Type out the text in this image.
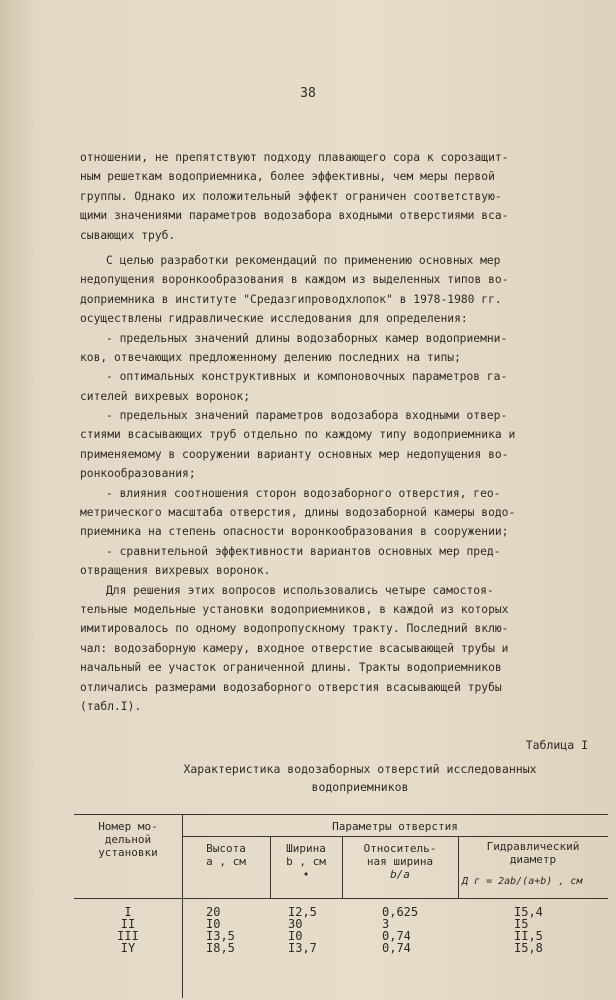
38
отношении, не препятствуют подходу плавающего сора к сорозащит-
ным решеткам водоприемника, более эффективны, чем меры первой
группы. Однако их положительный эффект ограничен соответствую-
щими значениями параметров водозабора входными отверстиями вса-
сывающих труб.
С целью разработки рекомендаций по применению основных мер
недопущения воронкообразования в каждом из выделенных типов во-
доприемника в институте "Средазгипроводхлопок" в 1978-1980 гг.
осуществлены гидравлические исследования для определения:
- предельных значений длины водозаборных камер водоприемни-
ков, отвечающих предложенному делению последних на типы;
- оптимальных конструктивных и компоновочных параметров га-
сителей вихревых воронок;
- предельных значений параметров водозабора входными отвер-
стиями всасывающих труб отдельно по каждому типу водоприемника и
применяемому в сооружении варианту основных мер недопущения во-
ронкообразования;
- влияния соотношения сторон водозаборного отверстия, гео-
метрического масштаба отверстия, длины водозаборной камеры водо-
приемника на степень опасности воронкообразования в сооружении;
- сравнительной эффективности вариантов основных мер пред-
отвращения вихревых воронок.
Для решения этих вопросов использовались четыре самостоя-
тельные модельные установки водоприемников, в каждой из которых
имитировалось по одному водопропускному тракту. Последний вклю-
чал: водозаборную камеру, входное отверстие всасывающей трубы и
начальный ее участок ограниченной длины. Тракты водоприемников
отличались размерами водозаборного отверстия всасывающей трубы
(табл.I).
Таблица I
Характеристика водозаборных отверстий исследованных
водоприемников
Номер мо-
дельной
установки
Параметры отверстия
Высота
a , см
Ширина
b , см
•
Относитель-
ная ширина
b/a
Гидравлический
диаметр
Д г = 2ab/(a+b) , см
I
II
III
IY
20
I0
I3,5
I8,5
I2,5
30
I0
I3,7
0,625
3
0,74
0,74
I5,4
I5
II,5
I5,8
